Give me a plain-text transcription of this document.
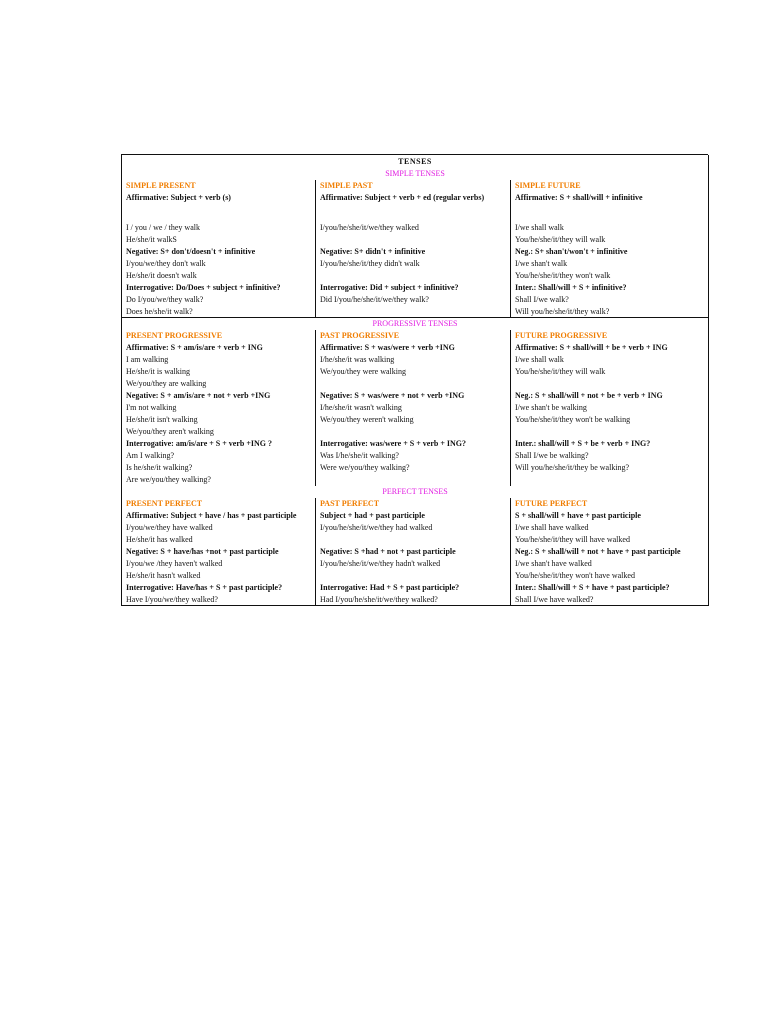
TENSES		
SIMPLE TENSES		
SIMPLE PRESENT	SIMPLE PAST	SIMPLE FUTURE
Affirmative: Subject + verb (s)	Affirmative: Subject + verb + ed (regular verbs)	Affirmative: S + shall/will + infinitive

I / you / we / they walk	I/you/he/she/it/we/they walked	I/we shall walk
He/she/it walkS		You/he/she/it/they will walk
Negative: S+ don't/doesn't + infinitive	Negative: S+ didn't + infinitive	Neg.: S+ shan't/won't + infinitive
I/you/we/they don't walk	I/you/he/she/it/they didn't walk	I/we shan't walk
He/she/it doesn't walk		You/he/she/it/they won't walk
Interrogative: Do/Does + subject + infinitive?	Interrogative: Did + subject + infinitive?	Inter.: Shall/will + S + infinitive?
Do I/you/we/they walk?	Did I/you/he/she/it/we/they walk?	Shall I/we walk?
Does he/she/it walk?		Will you/he/she/it/they walk?
PROGRESSIVE TENSES		
PRESENT PROGRESSIVE	PAST PROGRESSIVE	FUTURE PROGRESSIVE
Affirmative: S + am/is/are + verb + ING	Affirmative: S + was/were + verb +ING	Affirmative: S + shall/will + be + verb + ING
I am walking	I/he/she/it was walking	I/we shall walk
He/she/it is walking	We/you/they were walking	You/he/she/it/they will walk
We/you/they are walking		
Negative: S + am/is/are + not + verb +ING	Negative: S + was/were + not + verb +ING	Neg.: S + shall/will + not + be + verb + ING
I'm not walking	I/he/she/it wasn't walking	I/we shan't be walking
He/she/it isn't walking	We/you/they weren't walking	You/he/she/it/they won't be walking
We/you/they aren't walking		
Interrogative: am/is/are + S + verb +ING ?	Interrogative: was/were + S + verb + ING?	Inter.: shall/will + S + be + verb + ING?
Am I walking?	Was I/he/she/it walking?	Shall I/we be walking?
Is he/she/it walking?	Were we/you/they walking?	Will you/he/she/it/they be walking?
Are we/you/they walking?		
PERFECT TENSES		
PRESENT PERFECT	PAST PERFECT	FUTURE PERFECT
Affirmative: Subject + have / has + past participle	Subject + had + past participle	S + shall/will + have + past participle
I/you/we/they have walked	I/you/he/she/it/we/they had walked	I/we shall have walked
He/she/it has walked		You/he/she/it/they will have walked
Negative: S + have/has +not + past participle	Negative: S +had + not + past participle	Neg.: S + shall/will + not + have + past participle
I/you/we /they haven't walked	I/you/he/she/it/we/they hadn't walked	I/we shan't have walked
He/she/it hasn't walked		You/he/she/it/they won't have walked
Interrogative: Have/has + S + past participle?	Interrogative: Had + S + past participle?	Inter.: Shall/will + S + have + past participle?
Have I/you/we/they walked?	Had I/you/he/she/it/we/they walked?	Shall I/we have walked?
